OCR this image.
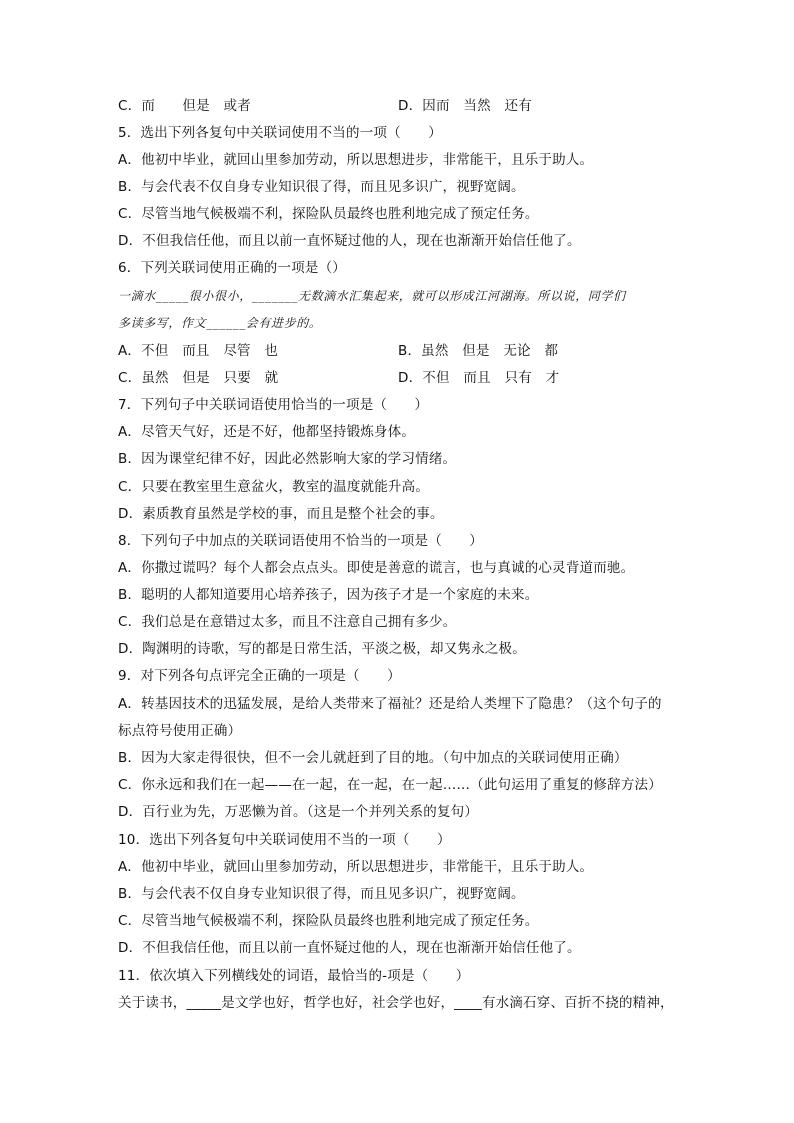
C．而　　但是　或者	D．因而　当然　还有
5．选出下列各复句中关联词使用不当的一项（　　）
A．他初中毕业，就回山里参加劳动，所以思想进步，非常能干，且乐于助人。
B．与会代表不仅自身专业知识很了得，而且见多识广，视野宽阔。
C．尽管当地气候极端不利，探险队员最终也胜利地完成了预定任务。
D．不但我信任他，而且以前一直怀疑过他的人，现在也渐渐开始信任他了。
6．下列关联词使用正确的一项是（）
一滴水_____很小很小，_______无数滴水汇集起来，就可以形成江河湖海。所以说，同学们
多读多写，作文______会有进步的。
A．不但　而且　尽管　也	B．虽然　但是　无论　都
C．虽然　但是　只要　就	D．不但　而且　只有　才
7．下列句子中关联词语使用恰当的一项是（　　）
A．尽管天气好，还是不好，他都坚持锻炼身体。
B．因为课堂纪律不好，因此必然影响大家的学习情绪。
C．只要在教室里生意盆火，教室的温度就能升高。
D．素质教育虽然是学校的事，而且是整个社会的事。
8．下列句子中加点的关联词语使用不恰当的一项是（　　）
A．你撒过谎吗？每个人都会点点头。即使是善意的谎言，也与真诚的心灵背道而驰。
B．聪明的人都知道要用心培养孩子，因为孩子才是一个家庭的未来。
C．我们总是在意错过太多，而且不注意自己拥有多少。
D．陶渊明的诗歌，写的都是日常生活，平淡之极，却又隽永之极。
9．对下列各句点评完全正确的一项是（　　）
A．转基因技术的迅猛发展，是给人类带来了福祉？还是给人类埋下了隐患？（这个句子的
标点符号使用正确）
B．因为大家走得很快，但不一会儿就赶到了目的地。（句中加点的关联词使用正确）
C．你永远和我们在一起——在一起，在一起，在一起……（此句运用了重复的修辞方法）
D．百行业为先，万恶懒为首。（这是一个并列关系的复句）
10．选出下列各复句中关联词使用不当的一项（　　）
A．他初中毕业，就回山里参加劳动，所以思想进步，非常能干，且乐于助人。
B．与会代表不仅自身专业知识很了得，而且见多识广，视野宽阔。
C．尽管当地气候极端不利，探险队员最终也胜利地完成了预定任务。
D．不但我信任他，而且以前一直怀疑过他的人，现在也渐渐开始信任他了。
11．依次填入下列横线处的词语，最恰当的-项是（　　）
关于读书，_____是文学也好，哲学也好，社会学也好，____有水滴石穿、百折不挠的精神，
